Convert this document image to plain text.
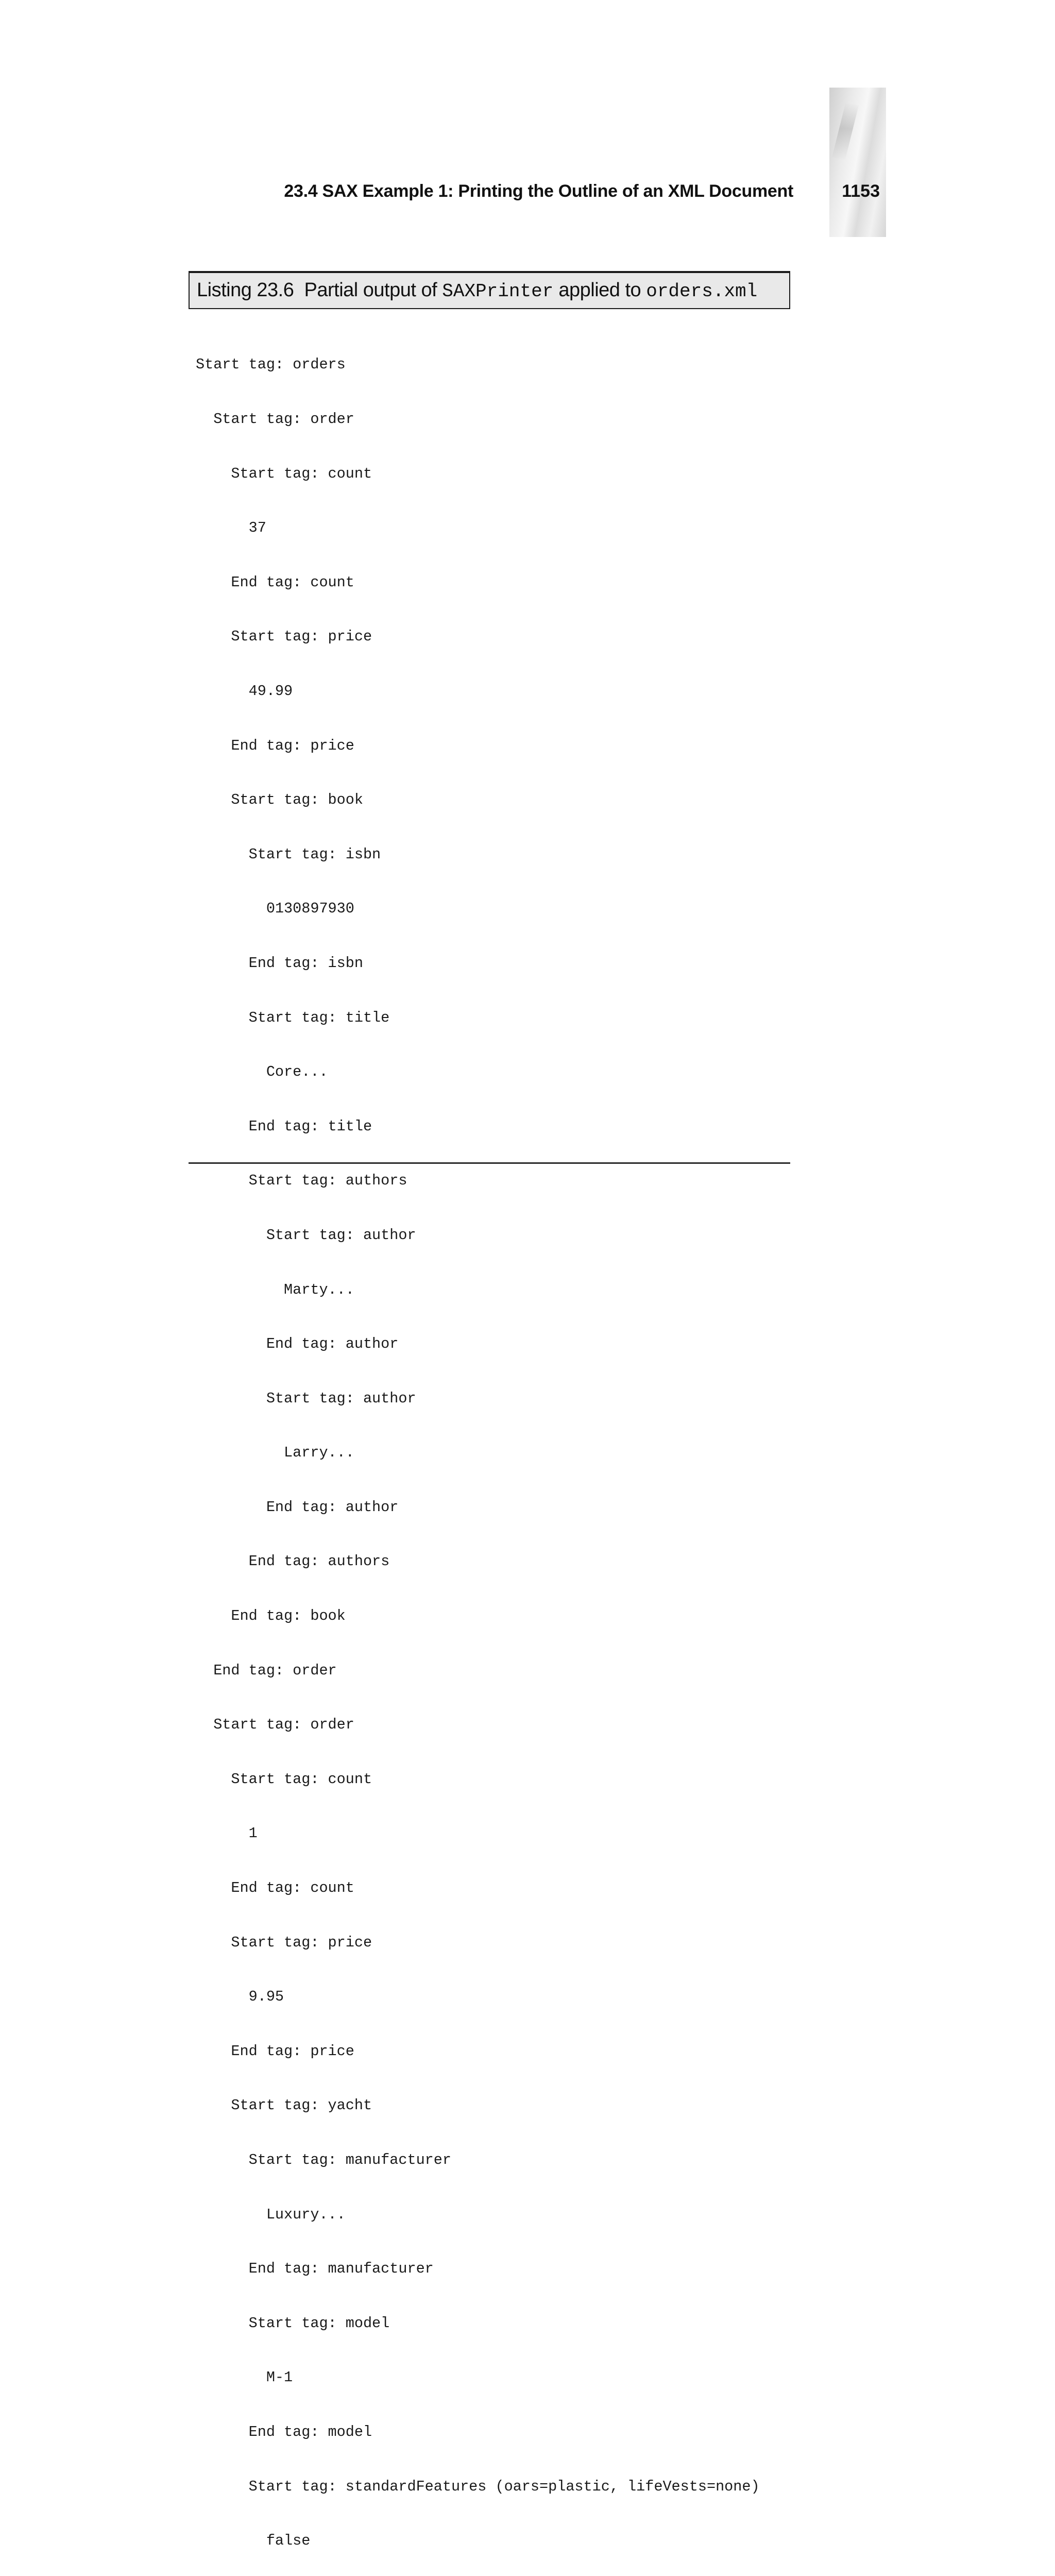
23.4 SAX Example 1: Printing the Outline of an XML Document	1153
Listing 23.6 Partial output of SAXPrinter applied to orders.xml

Start tag: orders

Start tag: order

Start tag: count

37

End tag: count

Start tag: price

49.99

End tag: price

Start tag: book

Start tag: isbn

0130897930

End tag: isbn

Start tag: title

Core...

End tag: title

Start tag: authors

Start tag: author

Marty...

End tag: author

Start tag: author

Larry...

End tag: author

End tag: authors

End tag: book

End tag: order

Start tag: order

Start tag: count

1

End tag: count

Start tag: price

9.95

End tag: price

Start tag: yacht

Start tag: manufacturer

Luxury...

End tag: manufacturer

Start tag: model

M-1

End tag: model

Start tag: standardFeatures (oars=plastic, lifeVests=none)

false
